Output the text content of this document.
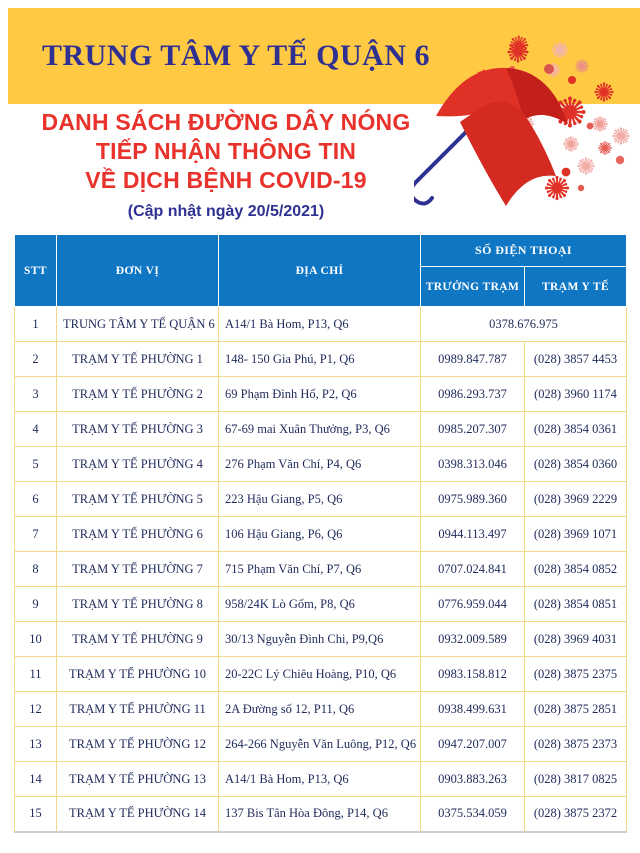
TRUNG TÂM Y TẾ QUẬN 6
DANH SÁCH ĐƯỜNG DÂY NÓNG
TIẾP NHẬN THÔNG TIN
VỀ DỊCH BỆNH COVID-19
(Cập nhật ngày 20/5/2021)
STT	ĐƠN VỊ	ĐỊA CHỈ	SỐ ĐIỆN THOẠI	
			TRƯỞNG TRẠM	TRẠM Y TẾ
1	TRUNG TÂM Y TẾ QUẬN 6	A14/1 Bà Hom, P13, Q6	0378.676.975	
2	TRẠM Y TẾ PHƯỜNG 1	148- 150 Gia Phú, P1, Q6	0989.847.787	(028) 3857 4453
3	TRẠM Y TẾ PHƯỜNG 2	69 Phạm Đình Hổ, P2, Q6	0986.293.737	(028) 3960 1174
4	TRẠM Y TẾ PHƯỜNG 3	67-69 mai Xuân Thưởng, P3, Q6	0985.207.307	(028) 3854 0361
5	TRẠM Y TẾ PHƯỜNG 4	276 Phạm Văn Chí, P4, Q6	0398.313.046	(028) 3854 0360
6	TRẠM Y TẾ PHƯỜNG 5	223 Hậu Giang, P5, Q6	0975.989.360	(028) 3969 2229
7	TRẠM Y TẾ PHƯỜNG 6	106 Hậu Giang, P6, Q6	0944.113.497	(028) 3969 1071
8	TRẠM Y TẾ PHƯỜNG 7	715 Phạm Văn Chí, P7, Q6	0707.024.841	(028) 3854 0852
9	TRẠM Y TẾ PHƯỜNG 8	958/24K Lò Gốm, P8, Q6	0776.959.044	(028) 3854 0851
10	TRẠM Y TẾ PHƯỜNG 9	30/13 Nguyễn Đình Chi, P9,Q6	0932.009.589	(028) 3969 4031
11	TRẠM Y TẾ PHƯỜNG 10	20-22C Lý Chiêu Hoàng, P10, Q6	0983.158.812	(028) 3875 2375
12	TRẠM Y TẾ PHƯỜNG 11	2A Đường số 12, P11, Q6	0938.499.631	(028) 3875 2851
13	TRẠM Y TẾ PHƯỜNG 12	264-266 Nguyễn Văn Luông, P12, Q6	0947.207.007	(028) 3875 2373
14	TRẠM Y TẾ PHƯỜNG 13	A14/1 Bà Hom, P13, Q6	0903.883.263	(028) 3817 0825
15	TRẠM Y TẾ PHƯỜNG 14	137 Bis Tân Hòa Đông, P14, Q6	0375.534.059	(028) 3875 2372
